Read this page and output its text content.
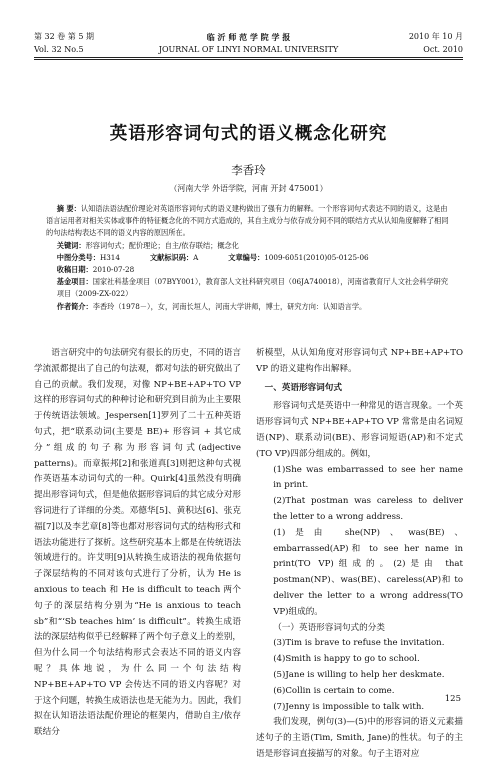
第 32 卷 第 5 期	临 沂 师 范 学 院 学 报	2010 年 10 月
Vol. 32 No.5	JOURNAL OF LINYI NORMAL UNIVERSITY	Oct. 2010
英语形容词句式的语义概念化研究
李香玲
（河南大学 外语学院，河南 开封 475001）

摘 要：认知语法语法配价理论对英语形容词句式的语义建构做出了强有力的解释。一个形容词句式表达不同的语义，这是由语言运用者对相关实体或事件的特征概念化的不同方式造成的，其自主成分与依存成分间不同的联结方式从认知角度解释了相同的句法结构表达不同的语义内容的原因所在。

关键词：形容词句式；配价理论；自主/依存联结；概念化

中图分类号：H314	文献标识码：A	文章编号：1009-6051(2010)05-0125-06

收稿日期：2010-07-28

基金项目：国家社科基金项目（07BYY001），教育部人文社科研究项目（06JA740018），河南省教育厅人文社会科学研究项目（2009-ZX-022）

作者简介：李香玲（1978－），女，河南长垣人，河南大学讲师，博士，研究方向：认知语言学。

语言研究中的句法研究有很长的历史，不同的语言学流派都提出了自己的句法观，都对句法的研究做出了自己的贡献。我们发现，对像 NP+BE+AP+TO VP 这样的形容词句式的种种讨论和研究到目前为止主要限于传统语法领域。Jespersen[1]罗列了二十五种英语句式，把“联系动词(主要是 BE)+ 形容词 + 其它成分”组成的句子称为形容词句式(adjective patterns)。而章振邦[2]和张道真[3]则把这种句式视作英语基本动词句式的一种。Quirk[4]虽然没有明确提出形容词句式，但是他依据形容词后的其它成分对形容词进行了详细的分类。邓德华[5]、黄积达[6]、张克福[7]以及李艺章[8]等也都对形容词句式的结构形式和语法功能进行了探析。这些研究基本上都是在传统语法领域进行的。许艾明[9]从转换生成语法的视角依据句子深层结构的不同对该句式进行了分析，认为 He is anxious to teach 和 He is difficult to teach 两个句子的深层结构分别为“He is anxious to teach sb”和“‘Sb teaches him’ is difficult”。转换生成语法的深层结构似乎已经解释了两个句子意义上的差别，但为什么同一个句法结构形式会表达不同的语义内容呢？具体地说，为什么同一个句法结构 NP+BE+AP+TO VP 会传达不同的语义内容呢？对于这个问题，转换生成语法也是无能为力。因此，我们拟在认知语法语法配价理论的框架内，借助自主/依存联结分

析模型，从认知角度对形容词句式 NP+BE+AP+TO VP 的语义建构作出解释。

一、英语形容词句式

形容词句式是英语中一种常见的语言现象。一个英语形容词句式 NP+BE+AP+TO VP 常常是由名词短语(NP)、联系动词(BE)、形容词短语(AP)和不定式(TO VP)四部分组成的。例如，

(1)She was embarrassed to see her name in print.

(2)That postman was careless to deliver the letter to a wrong address.

(1)是由 she(NP)、was(BE)、embarrassed(AP)和 to see her name in print(TO VP)组成的。(2)是由 that postman(NP)、was(BE)、careless(AP)和 to deliver the letter to a wrong address(TO VP)组成的。

（一）英语形容词句式的分类

(3)Tim is brave to refuse the invitation.

(4)Smith is happy to go to school.

(5)Jane is willing to help her deskmate.

(6)Collin is certain to come.

(7)Jenny is impossible to talk with.

我们发现，例句(3)—(5)中的形容词的语义元素描述句子的主语(Tim, Smith, Jane)的性状。句子的主语是形容词直接描写的对象。句子主语对应

125
